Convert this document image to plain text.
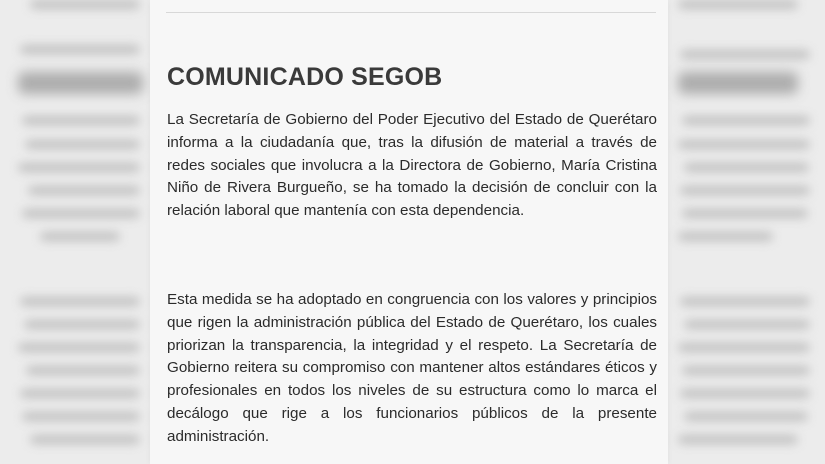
COMUNICADO SEGOB

La Secretaría de Gobierno del Poder Ejecutivo del Estado de Querétaro informa a la ciudadanía que, tras la difusión de material a través de redes sociales que involucra a la Directora de Gobierno, María Cristina Niño de Rivera Burgueño, se ha tomado la decisión de concluir con la relación laboral que mantenía con esta dependencia.

Esta medida se ha adoptado en congruencia con los valores y principios que rigen la administración pública del Estado de Querétaro, los cuales priorizan la transparencia, la integridad y el respeto. La Secretaría de Gobierno reitera su compromiso con mantener altos estándares éticos y profesionales en todos los niveles de su estructura como lo marca el decálogo que rige a los funcionarios públicos de la presente administración.
